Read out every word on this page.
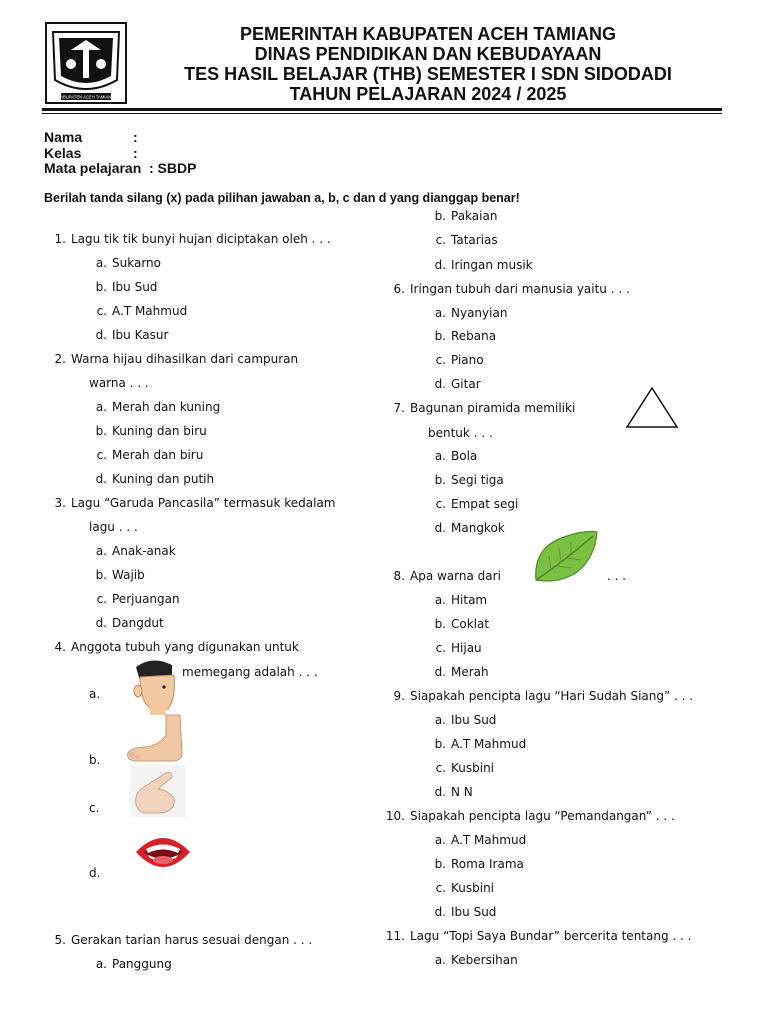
KABUPATEN ACEH TAMIANG
PEMERINTAH KABUPATEN ACEH TAMIANG
DINAS PENDIDIKAN DAN KEBUDAYAAN
TES HASIL BELAJAR (THB) SEMESTER I SDN SIDODADI
TAHUN PELAJARAN 2024 / 2025
Nama	:
Kelas	:
Mata pelajaran : SBDP
Berilah tanda silang (x) pada pilihan jawaban a, b, c dan d yang dianggap benar!
1. Lagu tik tik bunyi hujan diciptakan oleh . . .
a. Sukarno
b. Ibu Sud
c. A.T Mahmud
d. Ibu Kasur
2. Warna hijau dihasilkan dari campuran
warna . . .
a. Merah dan kuning
b. Kuning dan biru
c. Merah dan biru
d. Kuning dan putih
3. Lagu “Garuda Pancasila” termasuk kedalam
lagu . . .
a. Anak-anak
b. Wajib
c. Perjuangan
d. Dangdut
4. Anggota tubuh yang digunakan untuk
memegang adalah . . .
a.
b.
c.
d.
5. Gerakan tarian harus sesuai dengan . . .
a. Panggung
b. Pakaian
c. Tatarias
d. Iringan musik
6. Iringan tubuh dari manusia yaitu . . .
a. Nyanyian
b. Rebana
c. Piano
d. Gitar
7. Bagunan piramida memiliki
bentuk . . .
a. Bola
b. Segi tiga
c. Empat segi
d. Mangkok
8. Apa warna dari	. . .
a. Hitam
b. Coklat
c. Hijau
d. Merah
9. Siapakah pencipta lagu “Hari Sudah Siang” . . .
a. Ibu Sud
b. A.T Mahmud
c. Kusbini
d. N N
10. Siapakah pencipta lagu “Pemandangan” . . .
a. A.T Mahmud
b. Roma Irama
c. Kusbini
d. Ibu Sud
11. Lagu “Topi Saya Bundar” bercerita tentang . . .
a. Kebersihan
